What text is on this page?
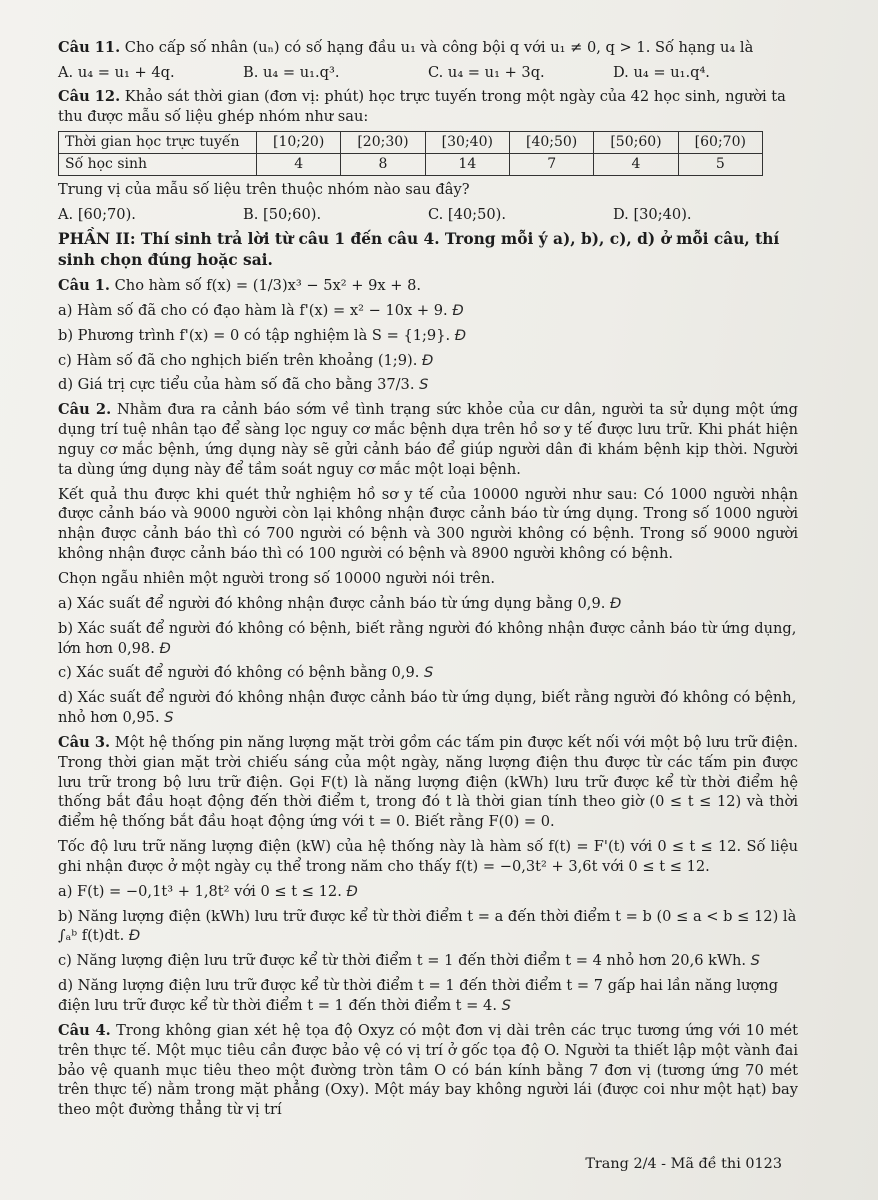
Câu 11. Cho cấp số nhân (uₙ) có số hạng đầu u₁ và công bội q với u₁ ≠ 0, q > 1. Số hạng u₄ là

A. u₄ = u₁ + 4q.	B. u₄ = u₁.q³.	C. u₄ = u₁ + 3q.	D. u₄ = u₁.q⁴.

Câu 12. Khảo sát thời gian (đơn vị: phút) học trực tuyến trong một ngày của 42 học sinh, người ta thu được mẫu số liệu ghép nhóm như sau:

Thời gian học trực tuyến	[10;20)	[20;30)	[30;40)	[40;50)	[50;60)	[60;70)
Số học sinh	4	8	14	7	4	5

Trung vị của mẫu số liệu trên thuộc nhóm nào sau đây?

A. [60;70).	B. [50;60).	C. [40;50).	D. [30;40).

PHẦN II: Thí sinh trả lời từ câu 1 đến câu 4. Trong mỗi ý a), b), c), d) ở mỗi câu, thí sinh chọn đúng hoặc sai.

Câu 1. Cho hàm số f(x) = (1/3)x³ − 5x² + 9x + 8.

a) Hàm số đã cho có đạo hàm là f'(x) = x² − 10x + 9. Đ

b) Phương trình f'(x) = 0 có tập nghiệm là S = {1;9}. Đ

c) Hàm số đã cho nghịch biến trên khoảng (1;9). Đ

d) Giá trị cực tiểu của hàm số đã cho bằng 37/3. S

Câu 2. Nhằm đưa ra cảnh báo sớm về tình trạng sức khỏe của cư dân, người ta sử dụng một ứng dụng trí tuệ nhân tạo để sàng lọc nguy cơ mắc bệnh dựa trên hồ sơ y tế được lưu trữ. Khi phát hiện nguy cơ mắc bệnh, ứng dụng này sẽ gửi cảnh báo để giúp người dân đi khám bệnh kịp thời. Người ta dùng ứng dụng này để tầm soát nguy cơ mắc một loại bệnh.

Kết quả thu được khi quét thử nghiệm hồ sơ y tế của 10000 người như sau: Có 1000 người nhận được cảnh báo và 9000 người còn lại không nhận được cảnh báo từ ứng dụng. Trong số 1000 người nhận được cảnh báo thì có 700 người có bệnh và 300 người không có bệnh. Trong số 9000 người không nhận được cảnh báo thì có 100 người có bệnh và 8900 người không có bệnh.

Chọn ngẫu nhiên một người trong số 10000 người nói trên.

a) Xác suất để người đó không nhận được cảnh báo từ ứng dụng bằng 0,9. Đ

b) Xác suất để người đó không có bệnh, biết rằng người đó không nhận được cảnh báo từ ứng dụng, lớn hơn 0,98. Đ

c) Xác suất để người đó không có bệnh bằng 0,9. S

d) Xác suất để người đó không nhận được cảnh báo từ ứng dụng, biết rằng người đó không có bệnh, nhỏ hơn 0,95. S

Câu 3. Một hệ thống pin năng lượng mặt trời gồm các tấm pin được kết nối với một bộ lưu trữ điện. Trong thời gian mặt trời chiếu sáng của một ngày, năng lượng điện thu được từ các tấm pin được lưu trữ trong bộ lưu trữ điện. Gọi F(t) là năng lượng điện (kWh) lưu trữ được kể từ thời điểm hệ thống bắt đầu hoạt động đến thời điểm t, trong đó t là thời gian tính theo giờ (0 ≤ t ≤ 12) và thời điểm hệ thống bắt đầu hoạt động ứng với t = 0. Biết rằng F(0) = 0.

Tốc độ lưu trữ năng lượng điện (kW) của hệ thống này là hàm số f(t) = F'(t) với 0 ≤ t ≤ 12. Số liệu ghi nhận được ở một ngày cụ thể trong năm cho thấy f(t) = −0,3t² + 3,6t với 0 ≤ t ≤ 12.

a) F(t) = −0,1t³ + 1,8t² với 0 ≤ t ≤ 12. Đ

b) Năng lượng điện (kWh) lưu trữ được kể từ thời điểm t = a đến thời điểm t = b (0 ≤ a < b ≤ 12) là ∫ₐᵇ f(t)dt. Đ

c) Năng lượng điện lưu trữ được kể từ thời điểm t = 1 đến thời điểm t = 4 nhỏ hơn 20,6 kWh. S

d) Năng lượng điện lưu trữ được kể từ thời điểm t = 1 đến thời điểm t = 7 gấp hai lần năng lượng điện lưu trữ được kể từ thời điểm t = 1 đến thời điểm t = 4. S

Câu 4. Trong không gian xét hệ tọa độ Oxyz có một đơn vị dài trên các trục tương ứng với 10 mét trên thực tế. Một mục tiêu cần được bảo vệ có vị trí ở gốc tọa độ O. Người ta thiết lập một vành đai bảo vệ quanh mục tiêu theo một đường tròn tâm O có bán kính bằng 7 đơn vị (tương ứng 70 mét trên thực tế) nằm trong mặt phẳng (Oxy). Một máy bay không người lái (được coi như một hạt) bay theo một đường thẳng từ vị trí

Trang 2/4 - Mã đề thi 0123
